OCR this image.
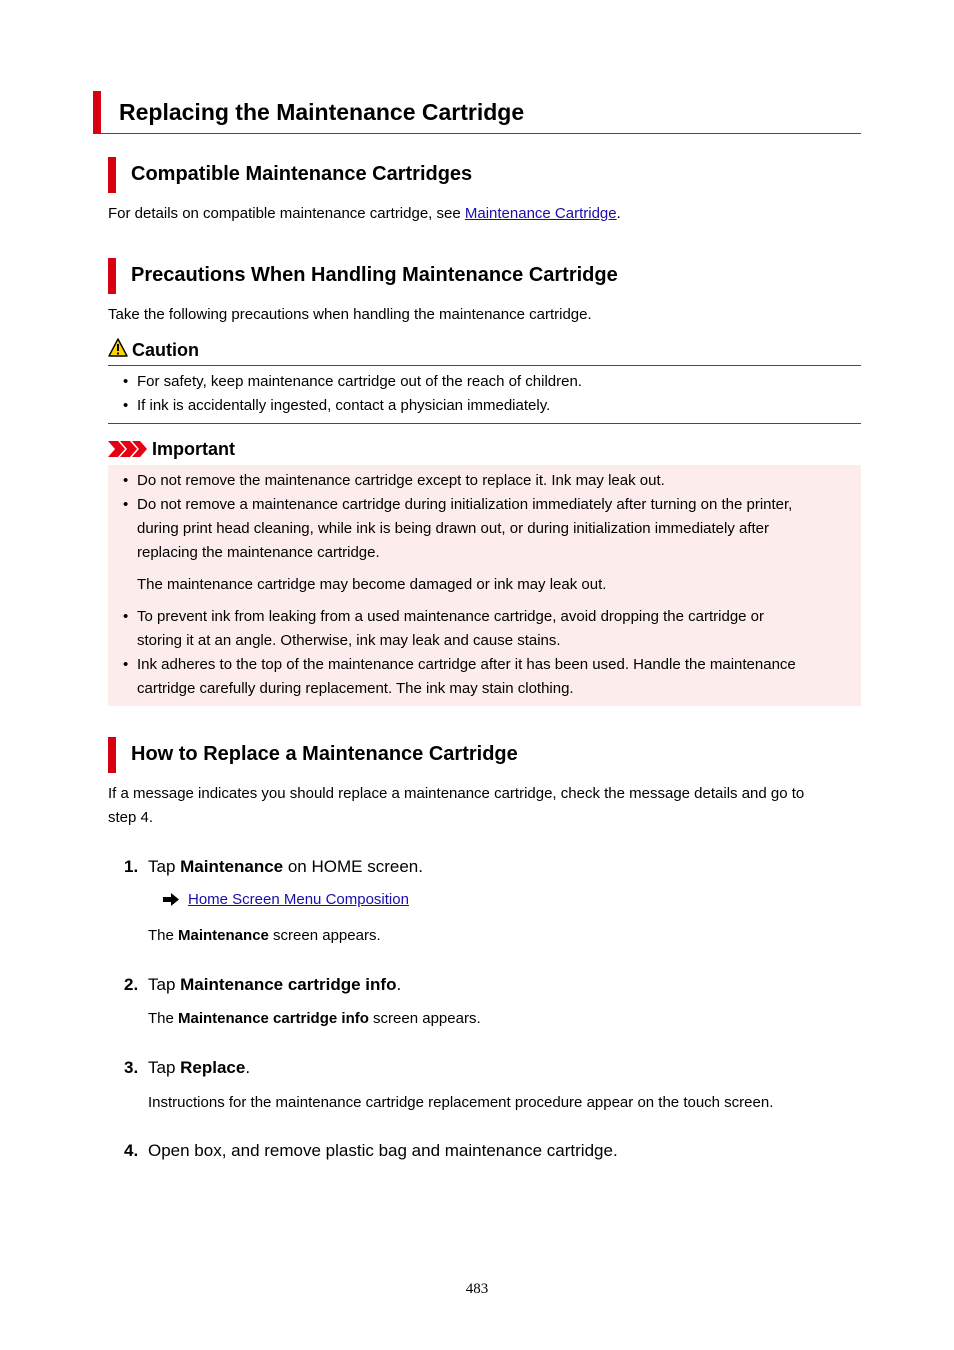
Replacing the Maintenance Cartridge
Compatible Maintenance Cartridges
For details on compatible maintenance cartridge, see Maintenance Cartridge.
Precautions When Handling Maintenance Cartridge
Take the following precautions when handling the maintenance cartridge.
Caution
• For safety, keep maintenance cartridge out of the reach of children.
• If ink is accidentally ingested, contact a physician immediately.
Important
• Do not remove the maintenance cartridge except to replace it. Ink may leak out.
• Do not remove a maintenance cartridge during initialization immediately after turning on the printer,
during print head cleaning, while ink is being drawn out, or during initialization immediately after
replacing the maintenance cartridge.
The maintenance cartridge may become damaged or ink may leak out.
• To prevent ink from leaking from a used maintenance cartridge, avoid dropping the cartridge or
storing it at an angle. Otherwise, ink may leak and cause stains.
• Ink adheres to the top of the maintenance cartridge after it has been used. Handle the maintenance
cartridge carefully during replacement. The ink may stain clothing.
How to Replace a Maintenance Cartridge
If a message indicates you should replace a maintenance cartridge, check the message details and go to
step 4.
1. Tap Maintenance on HOME screen.
Home Screen Menu Composition
The Maintenance screen appears.
2. Tap Maintenance cartridge info.
The Maintenance cartridge info screen appears.
3. Tap Replace.
Instructions for the maintenance cartridge replacement procedure appear on the touch screen.
4. Open box, and remove plastic bag and maintenance cartridge.
483
